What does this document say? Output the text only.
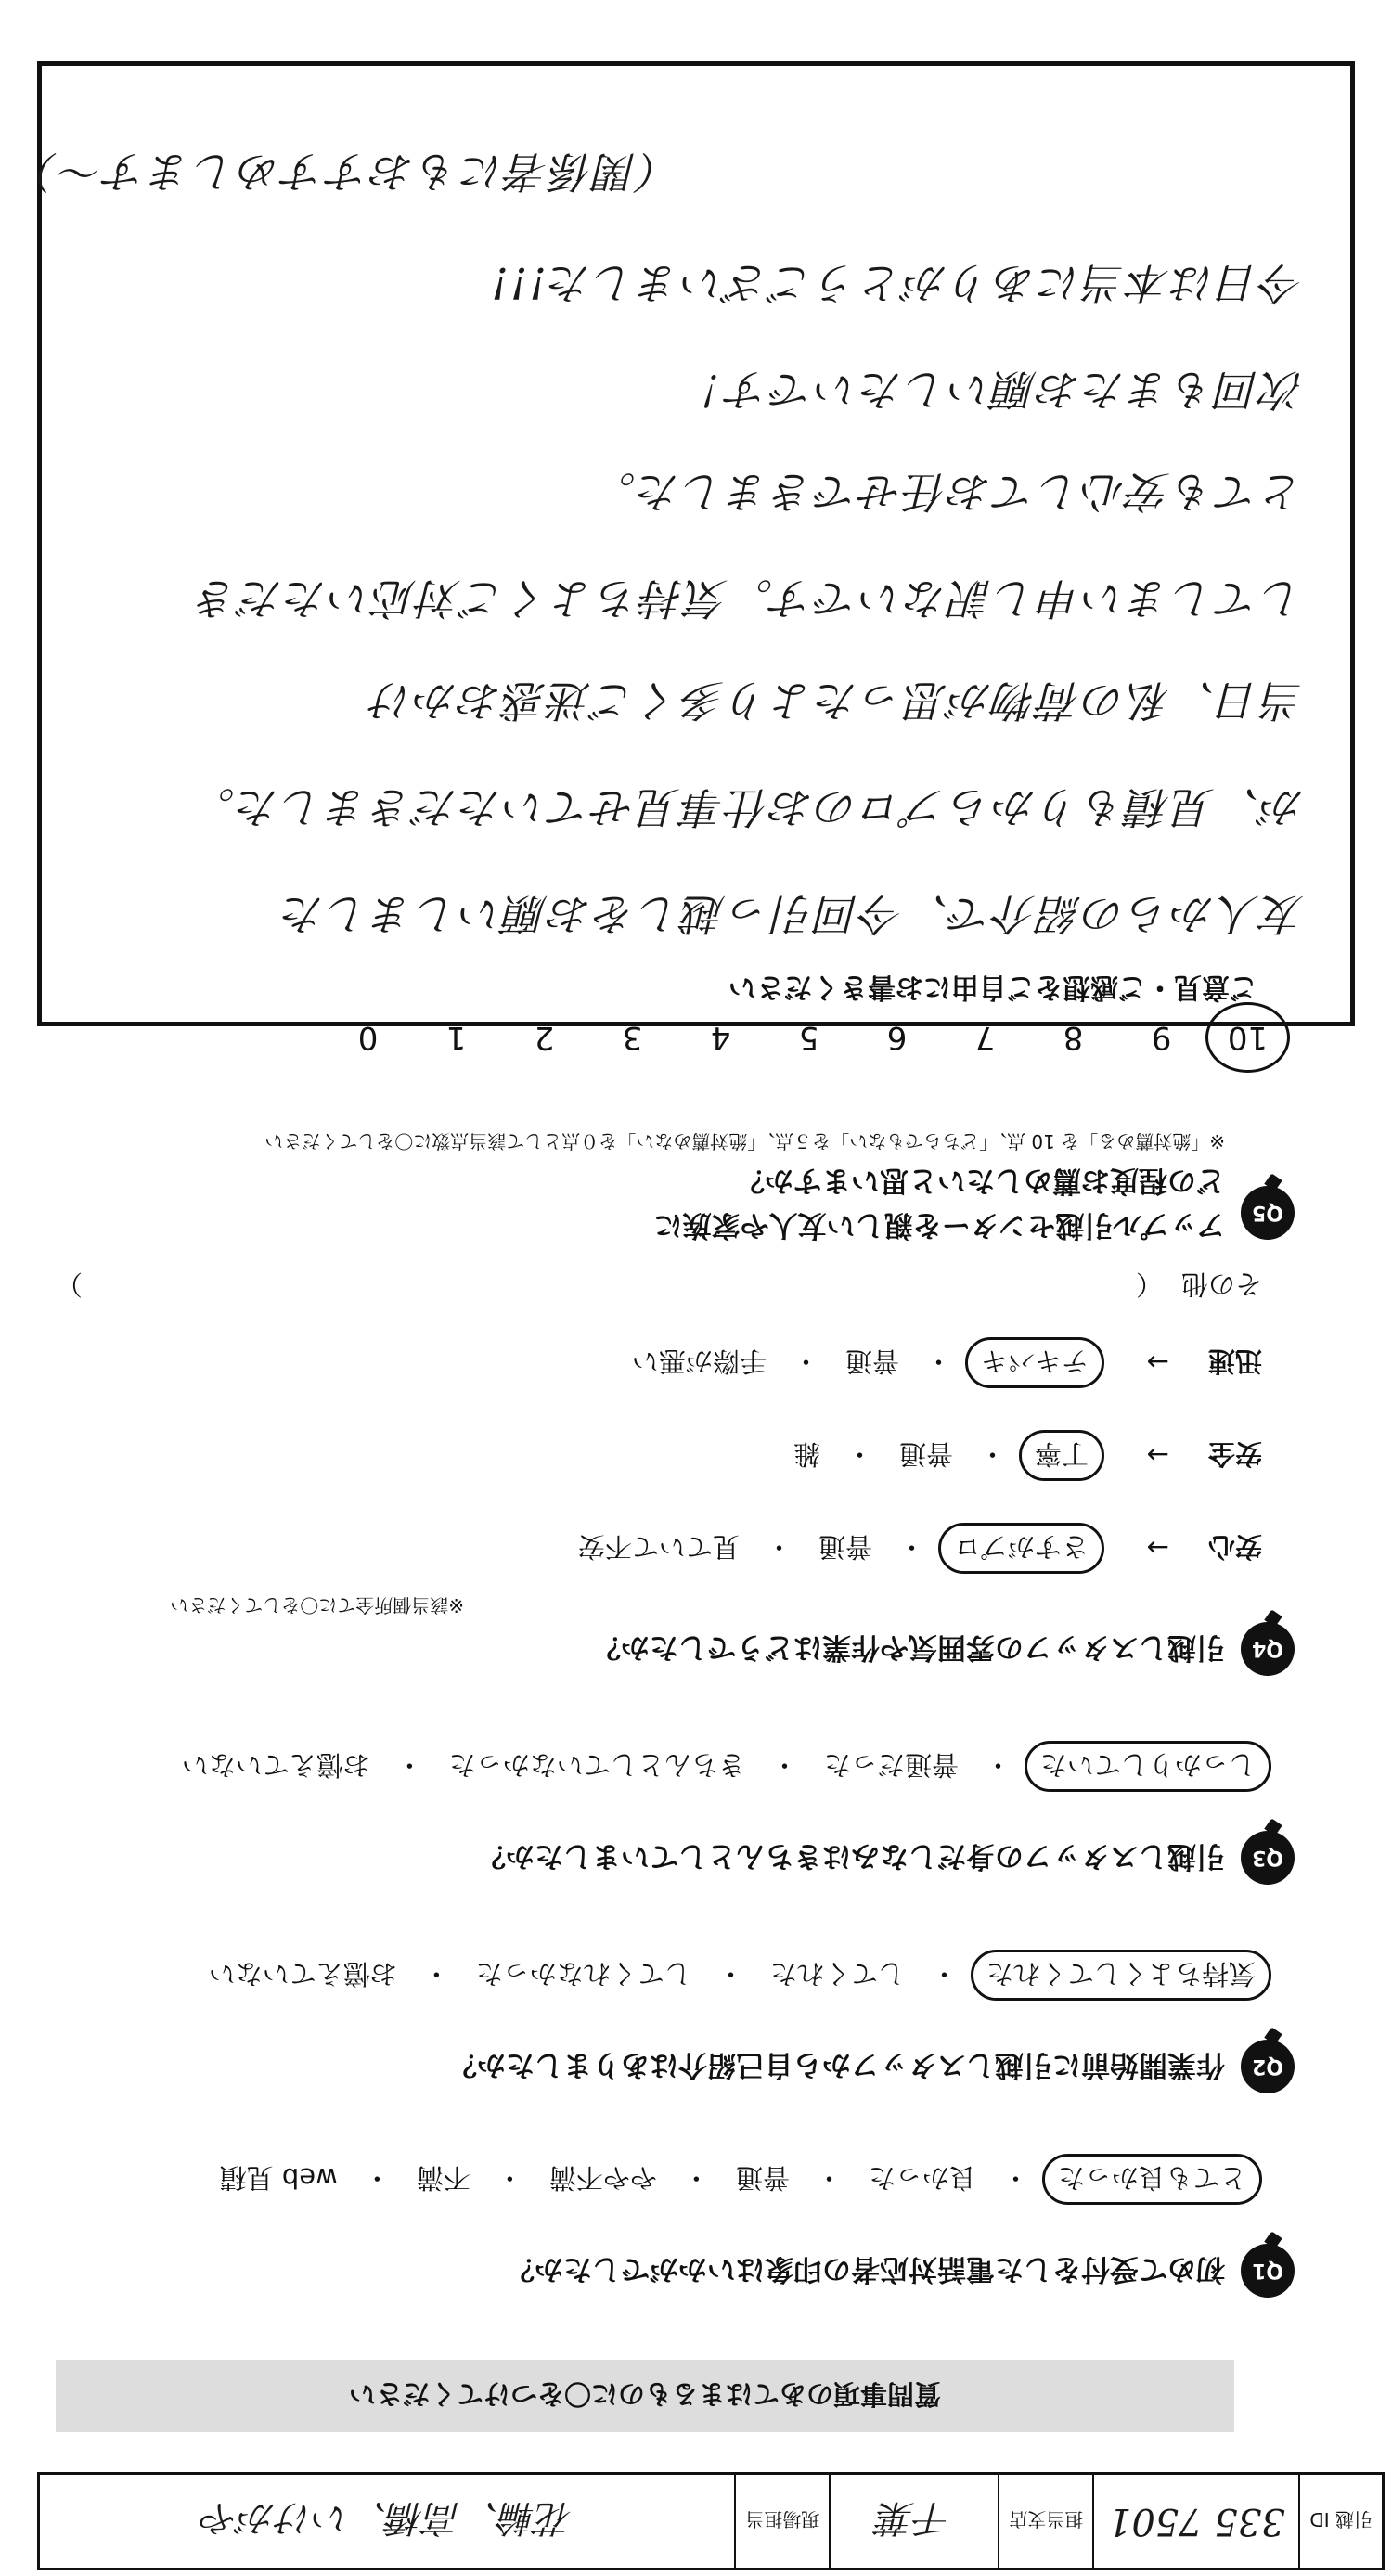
引越 ID
335 7501
担当支店
千葉
現場担当
花輪、高橋、いけがや
質問事項のあてはまるものに〇をつけてください
Q1
初めて受付をした電話対応者の印象はいかがでしたか？
とても良かった
・
良かった
・
普通
・
やや不満
・
不満
・
web 見積
Q2
作業開始前に引越しスタッフから自己紹介はありましたか？
気持ちよくしてくれた
・
してくれた
・
してくれなかった
・
お憶えていない
Q3
引越しスタッフの身だしなみはきちんとしていましたか？
しっかりしていた
・
普通だった
・
きちんとしていなかった
・
お憶えていない
Q4
引越しスタッフの雰囲気や作業はどうでしたか？
※該当個所全てに〇をしてください
安心
→
さすがプロ
・
普通
・
見ていて不安
安全
→
丁寧
・
普通
・
雑
迅速
→
テキパキ
・
普通
・
手際が悪い
その他
（
）
Q5
アップル引越センターを親しい友人や家族に
どの程度お薦めしたいと思いますか？
※「絶対薦める」を 10 点、「どちらでもない」を５点、「絶対薦めない」を０点として該当点数に〇をしてください
10
9
8
7
6
5
4
3
2
1
0
ご意見・ご感想をご自由にお書きください
友人からの紹介で、今回引っ越しをお願いしました
が、見積もりからプロのお仕事見せていただきました。
当日、私の荷物が思ったより多くご迷惑おかけ
してしまい申し訳ないです。気持ちよくご対応いただき
とても安心してお任せできました。
次回もまたお願いしたいです！
今日は本当にありがとうございました!!!
（関係者にもおすすめします〜）
